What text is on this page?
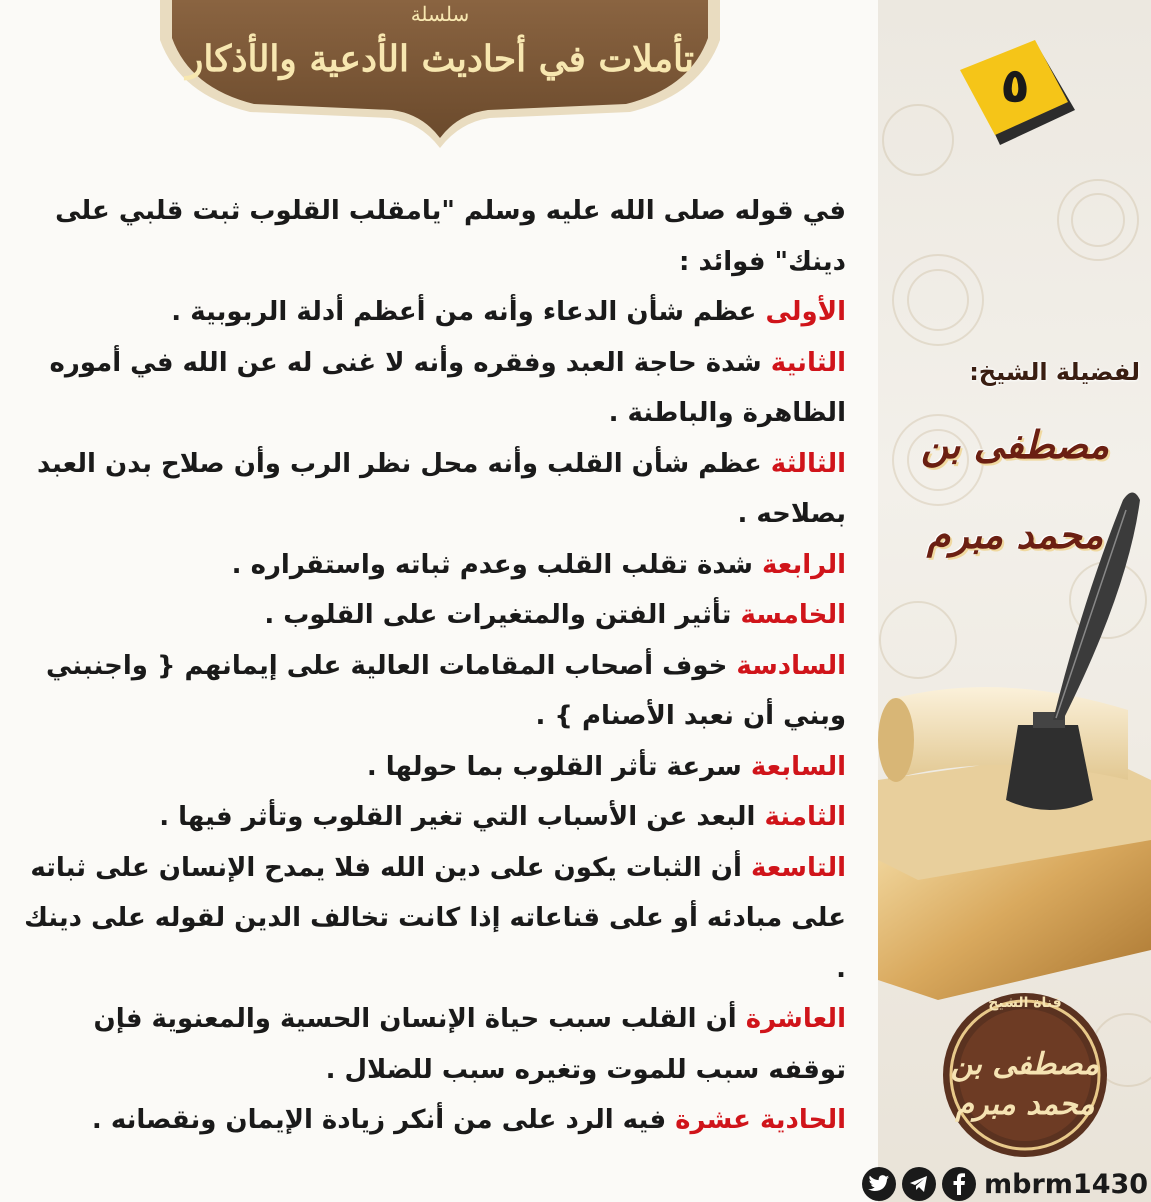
سلسلة
تأملات في أحاديث الأدعية والأذكار

في قوله صلى الله عليه وسلم "يامقلب القلوب ثبت قلبي على دينك" فوائد :

الأولى عظم شأن الدعاء وأنه من أعظم أدلة الربوبية .

الثانية شدة حاجة العبد وفقره وأنه لا غنى له عن الله في أموره الظاهرة والباطنة .

الثالثة عظم شأن القلب وأنه محل نظر الرب وأن صلاح بدن العبد بصلاحه .

الرابعة شدة تقلب القلب وعدم ثباته واستقراره .

الخامسة تأثير الفتن والمتغيرات على القلوب .

السادسة خوف أصحاب المقامات العالية على إيمانهم { واجنبني وبني أن نعبد الأصنام } .

السابعة سرعة تأثر القلوب بما حولها .

الثامنة البعد عن الأسباب التي تغير القلوب وتأثر فيها .

التاسعة أن الثبات يكون على دين الله فلا يمدح الإنسان على ثباته على مبادئه أو على قناعاته إذا كانت تخالف الدين لقوله على دينك .

العاشرة أن القلب سبب حياة الإنسان الحسية والمعنوية فإن توقفه سبب للموت وتغيره سبب للضلال .

الحادية عشرة فيه الرد على من أنكر زيادة الإيمان ونقصانه .

٥
لفضيلة الشيخ:
مصطفى بن محمد مبرم
قناة الشيخ
مصطفى بن محمد مبرم
mbrm1430
